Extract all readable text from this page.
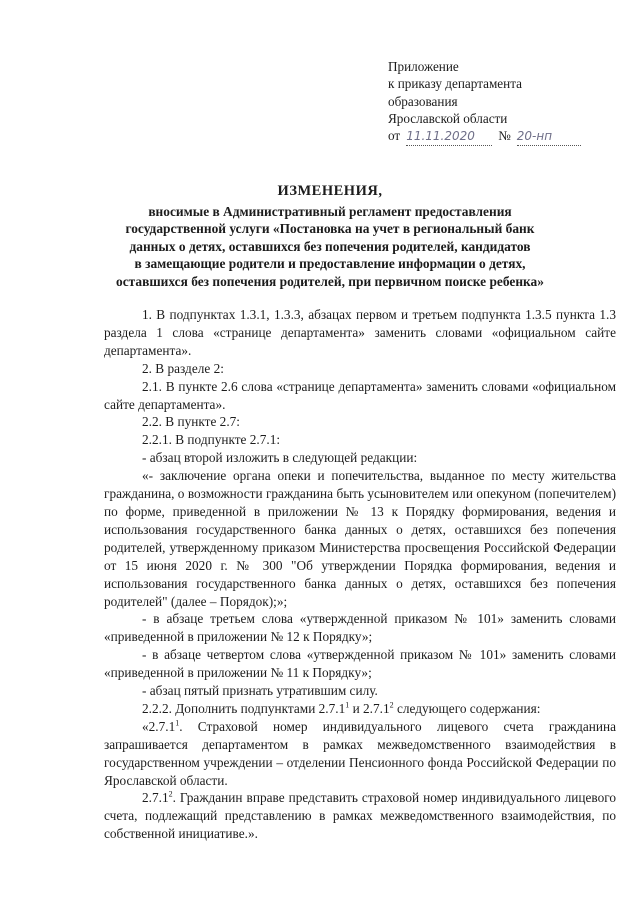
Приложение
к приказу департамента
образования
Ярославской области
от 11.11.2020	№ 20-нп
ИЗМЕНЕНИЯ,
вносимые в Административный регламент предоставления
государственной услуги «Постановка на учет в региональный банк
данных о детях, оставшихся без попечения родителей, кандидатов
в замещающие родители и предоставление информации о детях,
оставшихся без попечения родителей, при первичном поиске ребенка»

1. В подпунктах 1.3.1, 1.3.3, абзацах первом и третьем подпункта 1.3.5 пункта 1.3 раздела 1 слова «странице департамента» заменить словами «официальном сайте департамента».

2. В разделе 2:

2.1. В пункте 2.6 слова «странице департамента» заменить словами «официальном сайте департамента».

2.2. В пункте 2.7:

2.2.1. В подпункте 2.7.1:

- абзац второй изложить в следующей редакции:

«- заключение органа опеки и попечительства, выданное по месту жительства гражданина, о возможности гражданина быть усыновителем или опекуном (попечителем) по форме, приведенной в приложении № 13 к Порядку формирования, ведения и использования государственного банка данных о детях, оставшихся без попечения родителей, утвержденному приказом Министерства просвещения Российской Федерации от 15 июня 2020 г. № 300 "Об утверждении Порядка формирования, ведения и использования государственного банка данных о детях, оставшихся без попечения родителей" (далее – Порядок);»;

- в абзаце третьем слова «утвержденной приказом № 101» заменить словами «приведенной в приложении № 12 к Порядку»;

- в абзаце четвертом слова «утвержденной приказом № 101» заменить словами «приведенной в приложении № 11 к Порядку»;

- абзац пятый признать утратившим силу.

2.2.2. Дополнить подпунктами 2.7.1$^1$ и 2.7.1$^2$ следующего содержания:

«2.7.1$^1$. Страховой номер индивидуального лицевого счета гражданина запрашивается департаментом в рамках межведомственного взаимодействия в государственном учреждении – отделении Пенсионного фонда Российской Федерации по Ярославской области.

2.7.1$^2$. Гражданин вправе представить страховой номер индивидуального лицевого счета, подлежащий представлению в рамках межведомственного взаимодействия, по собственной инициативе.».
